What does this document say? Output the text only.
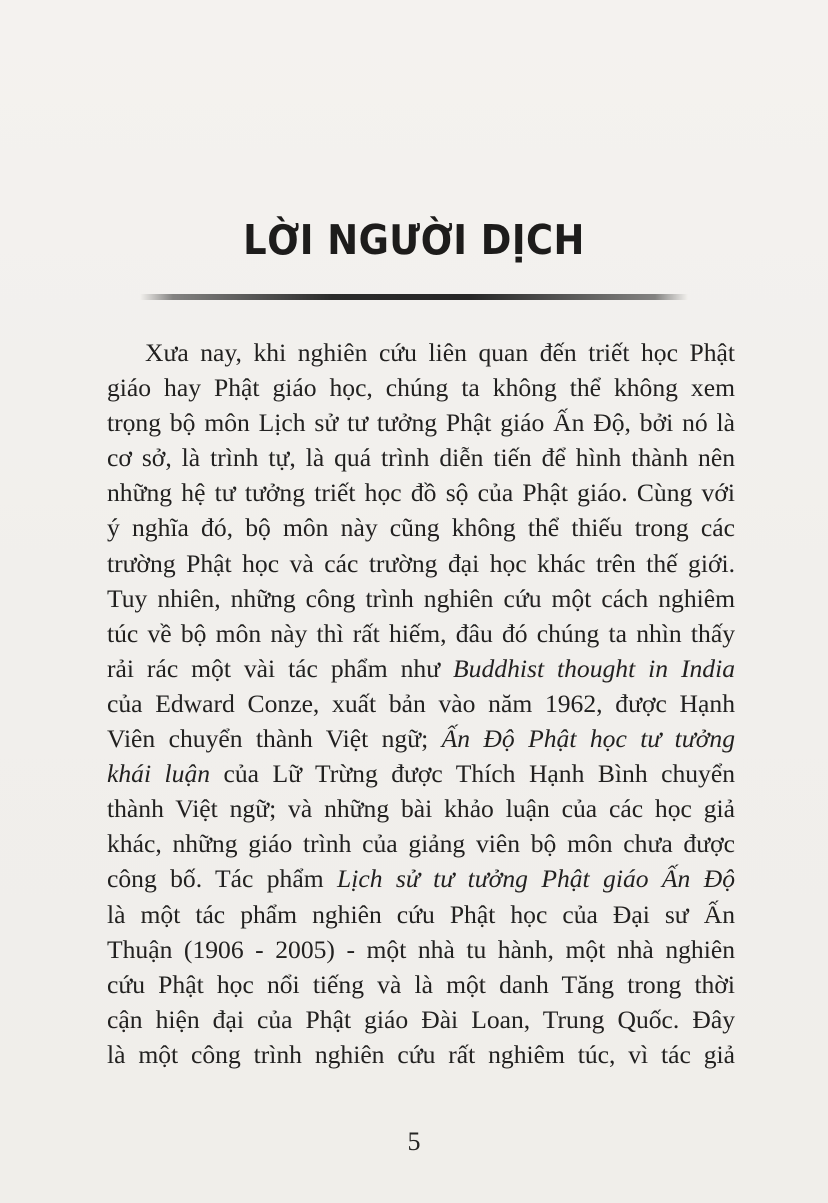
LỜI NGƯỜI DỊCH
Xưa nay, khi nghiên cứu liên quan đến triết học Phật
giáo hay Phật giáo học, chúng ta không thể không xem
trọng bộ môn Lịch sử tư tưởng Phật giáo Ấn Độ, bởi nó là
cơ sở, là trình tự, là quá trình diễn tiến để hình thành nên
những hệ tư tưởng triết học đồ sộ của Phật giáo. Cùng với
ý nghĩa đó, bộ môn này cũng không thể thiếu trong các
trường Phật học và các trường đại học khác trên thế giới.
Tuy nhiên, những công trình nghiên cứu một cách nghiêm
túc về bộ môn này thì rất hiếm, đâu đó chúng ta nhìn thấy
rải rác một vài tác phẩm như Buddhist thought in India
của Edward Conze, xuất bản vào năm 1962, được Hạnh
Viên chuyển thành Việt ngữ; Ấn Độ Phật học tư tưởng
khái luận của Lữ Trừng được Thích Hạnh Bình chuyển
thành Việt ngữ; và những bài khảo luận của các học giả
khác, những giáo trình của giảng viên bộ môn chưa được
công bố. Tác phẩm Lịch sử tư tưởng Phật giáo Ấn Độ
là một tác phẩm nghiên cứu Phật học của Đại sư Ấn
Thuận (1906 - 2005) - một nhà tu hành, một nhà nghiên
cứu Phật học nổi tiếng và là một danh Tăng trong thời
cận hiện đại của Phật giáo Đài Loan, Trung Quốc. Đây
là một công trình nghiên cứu rất nghiêm túc, vì tác giả
5
